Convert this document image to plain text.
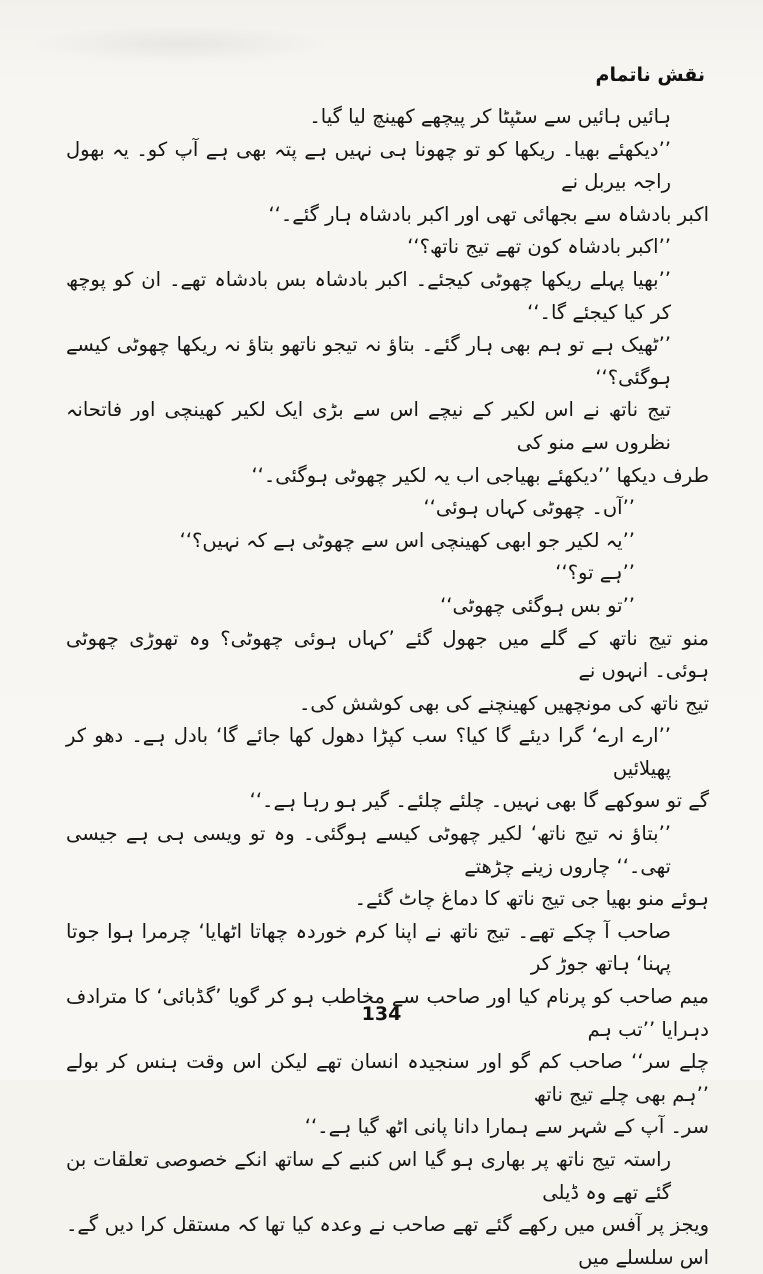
نقش ناتمام

ہائیں ہائیں سے سٹپٹا کر پیچھے کھینچ لیا گیا۔

’’دیکھئے بھیا۔ ریکھا کو تو چھونا ہی نہیں ہے پتہ بھی ہے آپ کو۔ یہ بھول راجہ بیربل نے

اکبر بادشاہ سے بجھائی تھی اور اکبر بادشاہ ہار گئے۔‘‘

’’اکبر بادشاہ کون تھے تیج ناتھ؟‘‘

’’بھیا پہلے ریکھا چھوٹی کیجئے۔ اکبر بادشاہ بس بادشاہ تھے۔ ان کو پوچھ کر کیا کیجئے گا۔‘‘

’’ٹھیک ہے تو ہم بھی ہار گئے۔ بتاؤ نہ تیجو ناتھو بتاؤ نہ ریکھا چھوٹی کیسے ہوگئی؟‘‘

تیج ناتھ نے اس لکیر کے نیچے اس سے بڑی ایک لکیر کھینچی اور فاتحانہ نظروں سے منو کی

طرف دیکھا ’’دیکھئے بھیاجی اب یہ لکیر چھوٹی ہوگئی۔‘‘

’’آں۔ چھوٹی کہاں ہوئی‘‘

’’یہ لکیر جو ابھی کھینچی اس سے چھوٹی ہے کہ نہیں؟‘‘

’’ہے تو؟‘‘

’’تو بس ہوگئی چھوٹی‘‘

منو تیج ناتھ کے گلے میں جھول گئے ’کہاں ہوئی چھوٹی؟ وہ تھوڑی چھوٹی ہوئی۔ انہوں نے

تیج ناتھ کی مونچھیں کھینچنے کی بھی کوشش کی۔

’’ارے ارے‘ گرا دیئے گا کیا؟ سب کپڑا دھول کھا جائے گا‘ بادل ہے۔ دھو کر پھیلائیں

گے تو سوکھے گا بھی نہیں۔ چلئے چلئے۔ گیر ہو رہا ہے۔‘‘

’’بتاؤ نہ تیج ناتھ‘ لکیر چھوٹی کیسے ہوگئی۔ وہ تو ویسی ہی ہے جیسی تھی۔‘‘ چاروں زینے چڑھتے

ہوئے منو بھیا جی تیج ناتھ کا دماغ چاٹ گئے۔

صاحب آ چکے تھے۔ تیج ناتھ نے اپنا کرم خوردہ چھاتا اٹھایا‘ چرمرا ہوا جوتا پہنا‘ ہاتھ جوڑ کر

میم صاحب کو پرنام کیا اور صاحب سے مخاطب ہو کر گویا ’گڈبائی‘ کا مترادف دہرایا ’’تب ہم

چلے سر‘‘ صاحب کم گو اور سنجیدہ انسان تھے لیکن اس وقت ہنس کر بولے ’’ہم بھی چلے تیج ناتھ

سر۔ آپ کے شہر سے ہمارا دانا پانی اٹھ گیا ہے۔‘‘

راستہ تیج ناتھ پر بھاری ہو گیا اس کنبے کے ساتھ انکے خصوصی تعلقات بن گئے تھے وہ ڈیلی

ویجز پر آفس میں رکھے گئے تھے صاحب نے وعدہ کیا تھا کہ مستقل کرا دیں گے۔ اس سلسلے میں

134
